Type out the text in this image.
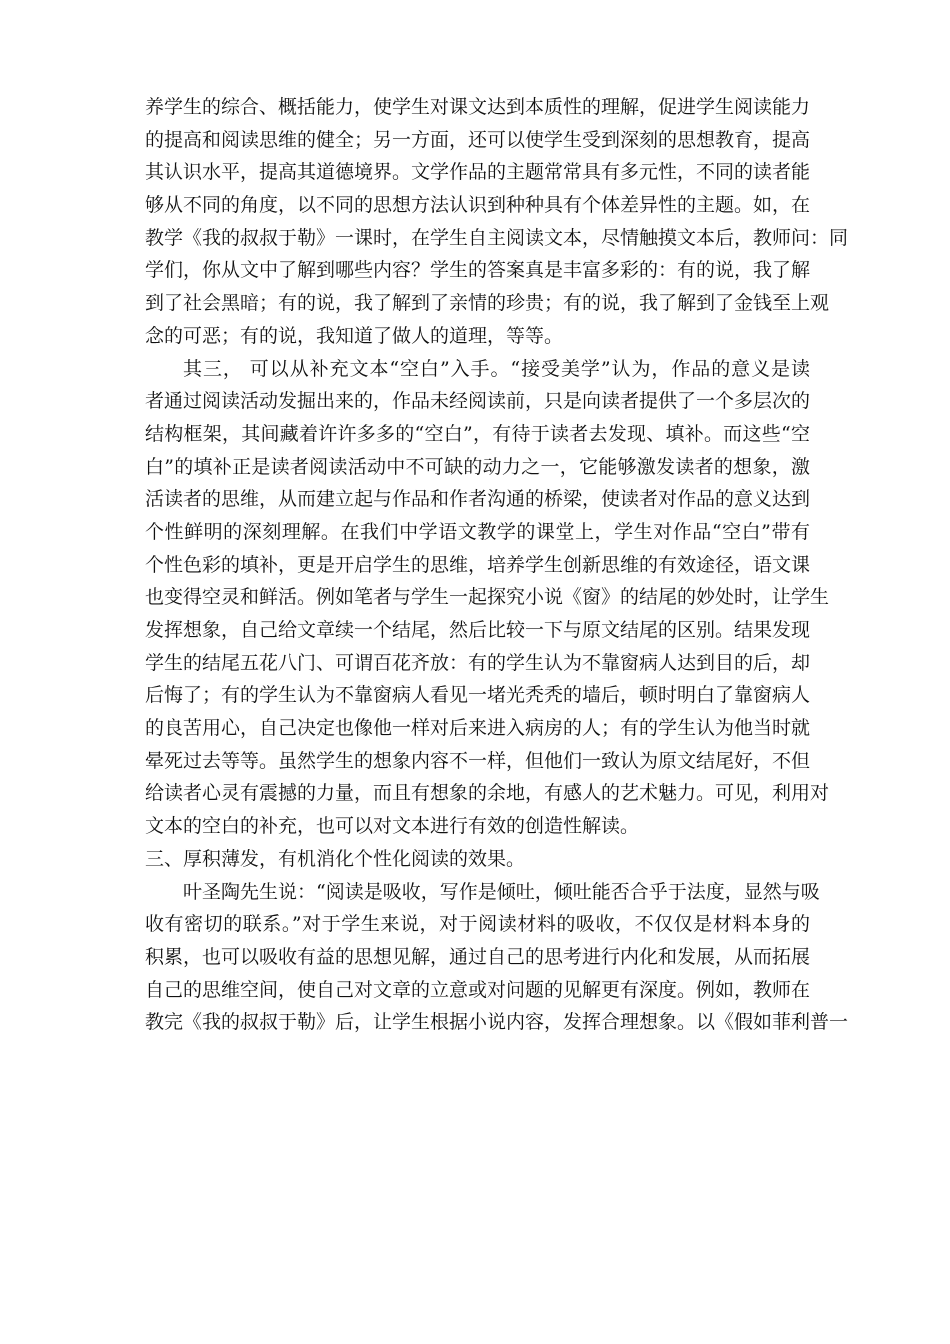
养学生的综合、概括能力，使学生对课文达到本质性的理解，促进学生阅读能力
的提高和阅读思维的健全；另一方面，还可以使学生受到深刻的思想教育，提高
其认识水平，提高其道德境界。文学作品的主题常常具有多元性，不同的读者能
够从不同的角度，以不同的思想方法认识到种种具有个体差异性的主题。如，在
教学《我的叔叔于勒》一课时，在学生自主阅读文本，尽情触摸文本后，教师问：同
学们，你从文中了解到哪些内容？学生的答案真是丰富多彩的：有的说，我了解
到了社会黑暗；有的说，我了解到了亲情的珍贵；有的说，我了解到了金钱至上观
念的可恶；有的说，我知道了做人的道理，等等。
其三， 可以从补充文本“空白”入手。“接受美学”认为，作品的意义是读
者通过阅读活动发掘出来的，作品未经阅读前，只是向读者提供了一个多层次的
结构框架，其间藏着许许多多的“空白”，有待于读者去发现、填补。而这些“空
白”的填补正是读者阅读活动中不可缺的动力之一，它能够激发读者的想象，激
活读者的思维，从而建立起与作品和作者沟通的桥梁，使读者对作品的意义达到
个性鲜明的深刻理解。在我们中学语文教学的课堂上，学生对作品“空白”带有
个性色彩的填补，更是开启学生的思维，培养学生创新思维的有效途径，语文课
也变得空灵和鲜活。例如笔者与学生一起探究小说《窗》的结尾的妙处时，让学生
发挥想象，自己给文章续一个结尾，然后比较一下与原文结尾的区别。结果发现
学生的结尾五花八门、可谓百花齐放：有的学生认为不靠窗病人达到目的后，却
后悔了；有的学生认为不靠窗病人看见一堵光秃秃的墙后，顿时明白了靠窗病人
的良苦用心，自己决定也像他一样对后来进入病房的人；有的学生认为他当时就
晕死过去等等。虽然学生的想象内容不一样，但他们一致认为原文结尾好，不但
给读者心灵有震撼的力量，而且有想象的余地，有感人的艺术魅力。可见，利用对
文本的空白的补充，也可以对文本进行有效的创造性解读。
三、厚积薄发，有机消化个性化阅读的效果。
叶圣陶先生说：“阅读是吸收，写作是倾吐，倾吐能否合乎于法度，显然与吸
收有密切的联系。”对于学生来说，对于阅读材料的吸收，不仅仅是材料本身的
积累，也可以吸收有益的思想见解，通过自己的思考进行内化和发展，从而拓展
自己的思维空间，使自己对文章的立意或对问题的见解更有深度。例如，教师在
教完《我的叔叔于勒》后，让学生根据小说内容，发挥合理想象。以《假如菲利普一
